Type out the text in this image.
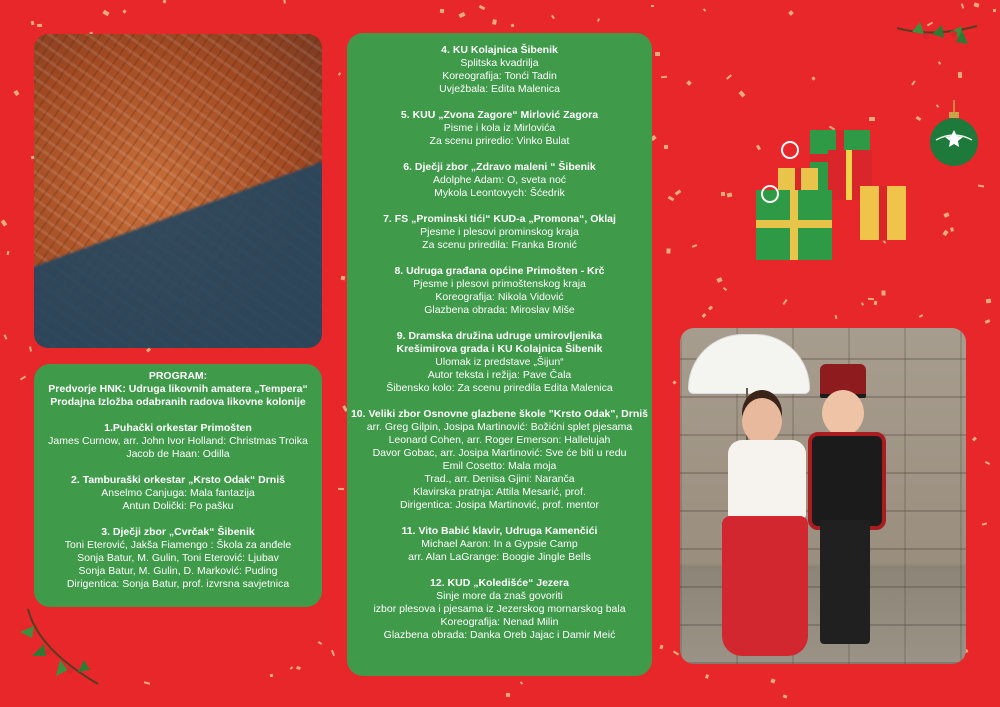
PROGRAM:
Predvorje HNK: Udruga likovnih amatera „Tempera“
Prodajna Izložba odabranih radova likovne kolonije
1.Puhački orkestar Primošten
James Curnow, arr. John Ivor Holland: Christmas Troika
Jacob de Haan: Odilla
2. Tamburaški orkestar „Krsto Odak“ Drniš
Anselmo Canjuga: Mala fantazija
Antun Dolički: Po pašku
3. Dječji zbor „Cvrčak“ Šibenik
Toni Eterović, Jakša Fiamengo : Škola za anđele
Sonja Batur, M. Gulin, Toni Eterović: Ljubav
Sonja Batur, M. Gulin, D. Marković: Puding
Dirigentica: Sonja Batur, prof. izvrsna savjetnica
4. KU Kolajnica Šibenik
Splitska kvadrilja
Koreografija: Tonći Tadin
Uvježbala: Edita Malenica
5. KUU „Zvona Zagore“ Mirlović Zagora
Pisme i kola iz Mirlovića
Za scenu priredio: Vinko Bulat
6. Dječji zbor „Zdravo maleni “ Šibenik
Adolphe Adam: O, sveta noć
Mykola Leontovych: Šćedrik
7. FS „Prominski tići“ KUD-a „Promona“, Oklaj
Pjesme i plesovi prominskog kraja
Za scenu priredila: Franka Bronić
8. Udruga građana općine Primošten - Krč
Pjesme i plesovi primoštenskog kraja
Koreografija: Nikola Vidović
Glazbena obrada: Miroslav Miše
9. Dramska družina udruge umirovljenika
Krešimirova grada i KU Kolajnica Šibenik
Ulomak iz predstave „Šijun“
Autor teksta i režija: Pave Čala
Šibensko kolo: Za scenu priredila Edita Malenica
10. Veliki zbor Osnovne glazbene škole "Krsto Odak", Drniš
arr. Greg Gilpin, Josipa Martinović: Božićni splet pjesama
Leonard Cohen, arr. Roger Emerson: Hallelujah
Davor Gobac, arr. Josipa Martinović: Sve će biti u redu
Emil Cosetto: Mala moja
Trad., arr. Denisa Gjini: Naranča
Klavirska pratnja: Attila Mesarić, prof.
Dirigentica: Josipa Martinović, prof. mentor
11. Vito Babić klavir, Udruga Kamenčići
Michael Aaron: In a Gypsie Camp
arr. Alan LaGrange: Boogie Jingle Bells
12. KUD „Koledišće“ Jezera
Sinje more da znaš govoriti
izbor plesova i pjesama iz Jezerskog mornarskog bala
Koreografija: Nenad Milin
Glazbena obrada: Danka Oreb Jajac i Damir Meić
